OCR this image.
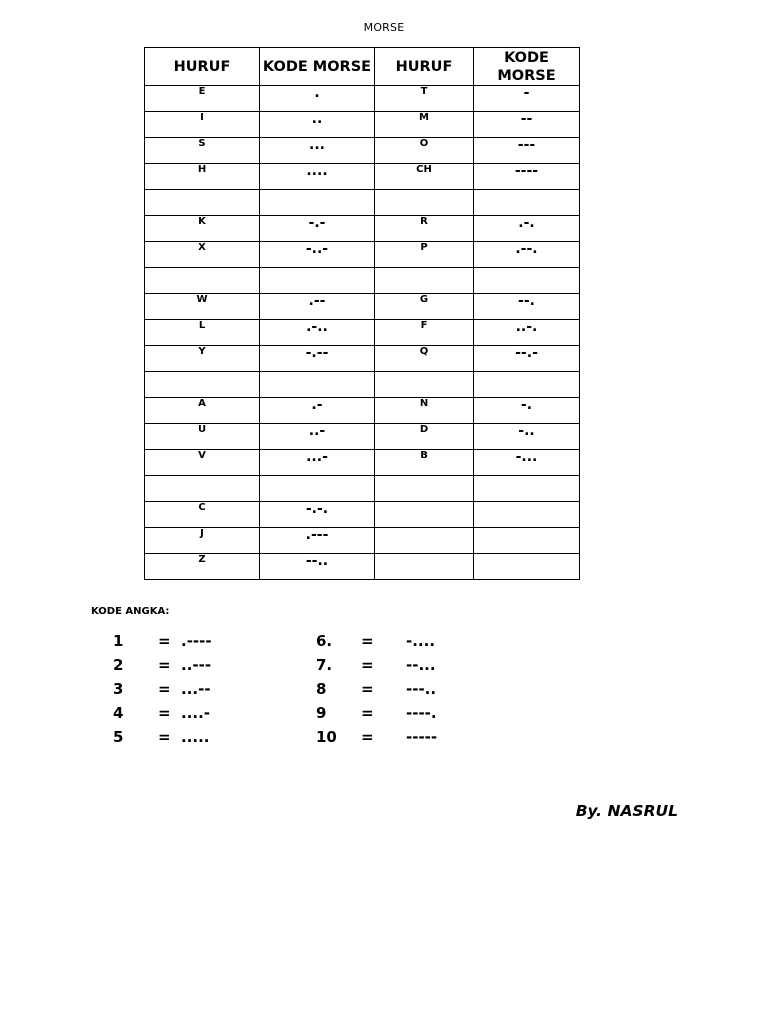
MORSE
HURUF	KODE MORSE	HURUF	KODE MORSE
E	.	T	-
I	..	M	--
S	...	O	---
H	....	CH	----

K	-.-	R	.-.
X	-..-	P	.--.

W	.--	G	--.
L	.-..	F	..-.
Y	-.--	Q	--.-

A	.-	N	-.
U	..-	D	-..
V	...-	B	-...

C	-.-.		
J	.---		
Z	--..		
KODE ANGKA:
1 = .----
2 = ..---
3 = ...--
4 = ....-
5 = .....
6. = -....
7. = --...
8 = ---..
9 = ----.
10 = -----
By. NASRUL
